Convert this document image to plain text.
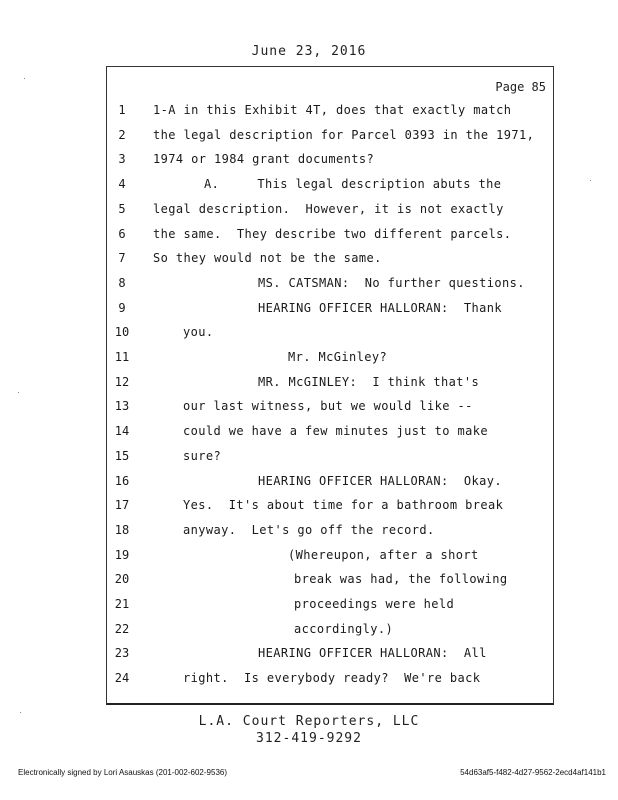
June 23, 2016
Page 85
1	1-A in this Exhibit 4T, does that exactly match
2	the legal description for Parcel 0393 in the 1971,
3	1974 or 1984 grant documents?
4	A.     This legal description abuts the
5	legal description.  However, it is not exactly
6	the same.  They describe two different parcels.
7	So they would not be the same.
8	MS. CATSMAN:  No further questions.
9	HEARING OFFICER HALLORAN:  Thank
10	you.
11	Mr. McGinley?
12	MR. McGINLEY:  I think that's
13	our last witness, but we would like --
14	could we have a few minutes just to make
15	sure?
16	HEARING OFFICER HALLORAN:  Okay.
17	Yes.  It's about time for a bathroom break
18	anyway.  Let's go off the record.
19	(Whereupon, after a short
20	break was had, the following
21	proceedings were held
22	accordingly.)
23	HEARING OFFICER HALLORAN:  All
24	right.  Is everybody ready?  We're back
L.A. Court Reporters, LLC
312-419-9292
Electronically signed by Lori Asauskas (201-002-602-9536)	54d63af5-f482-4d27-9562-2ecd4af141b1
